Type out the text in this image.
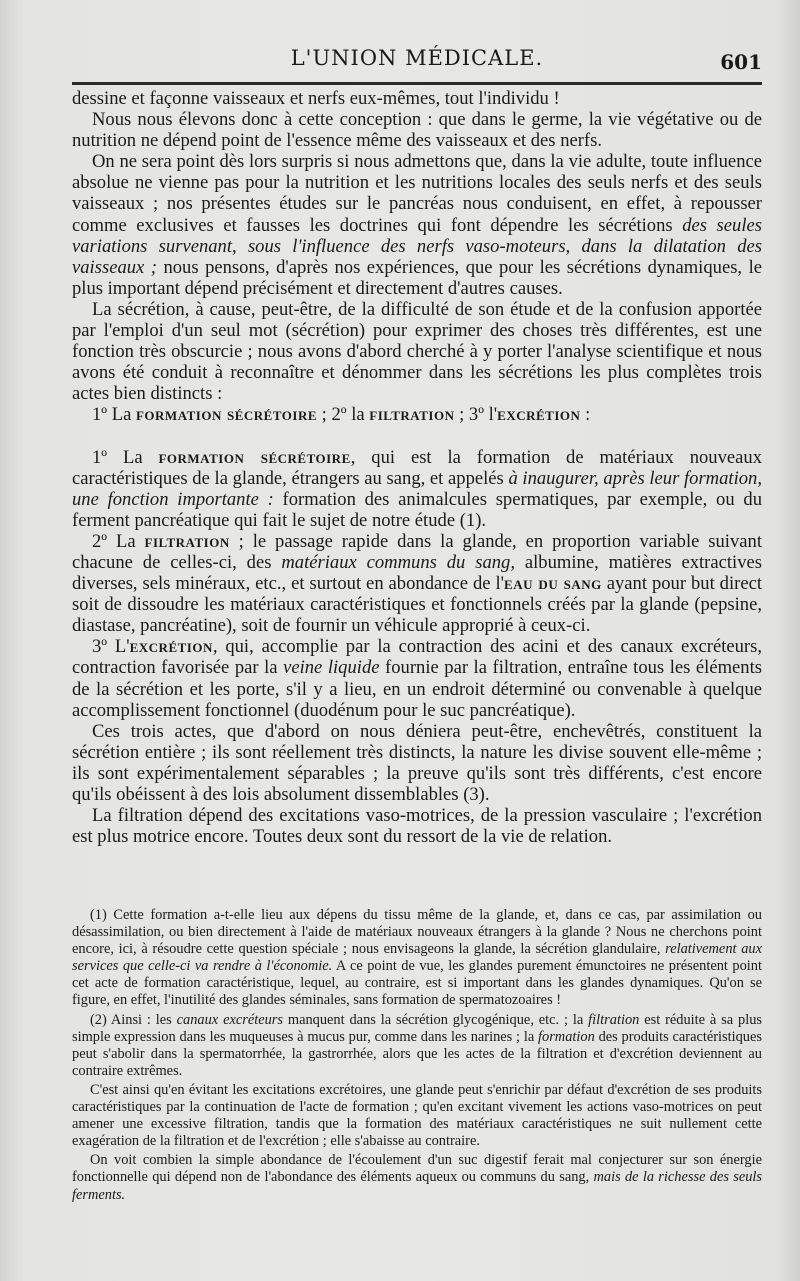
L'UNION MÉDICALE.	601

dessine et façonne vaisseaux et nerfs eux-mêmes, tout l'individu !

Nous nous élevons donc à cette conception : que dans le germe, la vie végétative ou de nutrition ne dépend point de l'essence même des vaisseaux et des nerfs.

On ne sera point dès lors surpris si nous admettons que, dans la vie adulte, toute influence absolue ne vienne pas pour la nutrition et les nutritions locales des seuls nerfs et des seuls vaisseaux ; nos présentes études sur le pancréas nous conduisent, en effet, à repousser comme exclusives et fausses les doctrines qui font dépendre les sécrétions des seules variations survenant, sous l'influence des nerfs vaso-moteurs, dans la dilatation des vaisseaux ; nous pensons, d'après nos expériences, que pour les sécrétions dynamiques, le plus important dépend précisément et directement d'autres causes.

La sécrétion, à cause, peut-être, de la difficulté de son étude et de la confusion apportée par l'emploi d'un seul mot (sécrétion) pour exprimer des choses très différentes, est une fonction très obscurcie ; nous avons d'abord cherché à y porter l'analyse scientifique et nous avons été conduit à reconnaître et dénommer dans les sécrétions les plus complètes trois actes bien distincts :

1º La formation sécrétoire ; 2º la filtration ; 3º l'excrétion :

1º La formation sécrétoire, qui est la formation de matériaux nouveaux caractéristiques de la glande, étrangers au sang, et appelés à inaugurer, après leur formation, une fonction importante : formation des animalcules spermatiques, par exemple, ou du ferment pancréatique qui fait le sujet de notre étude (1).

2º La filtration ; le passage rapide dans la glande, en proportion variable suivant chacune de celles-ci, des matériaux communs du sang, albumine, matières extractives diverses, sels minéraux, etc., et surtout en abondance de l'eau du sang ayant pour but direct soit de dissoudre les matériaux caractéristiques et fonctionnels créés par la glande (pepsine, diastase, pancréatine), soit de fournir un véhicule approprié à ceux-ci.

3º L'excrétion, qui, accomplie par la contraction des acini et des canaux excréteurs, contraction favorisée par la veine liquide fournie par la filtration, entraîne tous les éléments de la sécrétion et les porte, s'il y a lieu, en un endroit déterminé ou convenable à quelque accomplissement fonctionnel (duodénum pour le suc pancréatique).

Ces trois actes, que d'abord on nous déniera peut-être, enchevêtrés, constituent la sécrétion entière ; ils sont réellement très distincts, la nature les divise souvent elle-même ; ils sont expérimentalement séparables ; la preuve qu'ils sont très différents, c'est encore qu'ils obéissent à des lois absolument dissemblables (3).

La filtration dépend des excitations vaso-motrices, de la pression vasculaire ; l'excrétion est plus motrice encore. Toutes deux sont du ressort de la vie de relation.

(1) Cette formation a-t-elle lieu aux dépens du tissu même de la glande, et, dans ce cas, par assimilation ou désassimilation, ou bien directement à l'aide de matériaux nouveaux étrangers à la glande ? Nous ne cherchons point encore, ici, à résoudre cette question spéciale ; nous envisageons la glande, la sécrétion glandulaire, relativement aux services que celle-ci va rendre à l'économie. A ce point de vue, les glandes purement émunctoires ne présentent point cet acte de formation caractéristique, lequel, au contraire, est si important dans les glandes dynamiques. Qu'on se figure, en effet, l'inutilité des glandes séminales, sans formation de spermatozoaires !

(2) Ainsi : les canaux excréteurs manquent dans la sécrétion glycogénique, etc. ; la filtration est réduite à sa plus simple expression dans les muqueuses à mucus pur, comme dans les narines ; la formation des produits caractéristiques peut s'abolir dans la spermatorrhée, la gastrorrhée, alors que les actes de la filtration et d'excrétion deviennent au contraire extrêmes.

C'est ainsi qu'en évitant les excitations excrétoires, une glande peut s'enrichir par défaut d'excrétion de ses produits caractéristiques par la continuation de l'acte de formation ; qu'en excitant vivement les actions vaso-motrices on peut amener une excessive filtration, tandis que la formation des matériaux caractéristiques ne suit nullement cette exagération de la filtration et de l'excrétion ; elle s'abaisse au contraire.

On voit combien la simple abondance de l'écoulement d'un suc digestif ferait mal conjecturer sur son énergie fonctionnelle qui dépend non de l'abondance des éléments aqueux ou communs du sang, mais de la richesse des seuls ferments.
